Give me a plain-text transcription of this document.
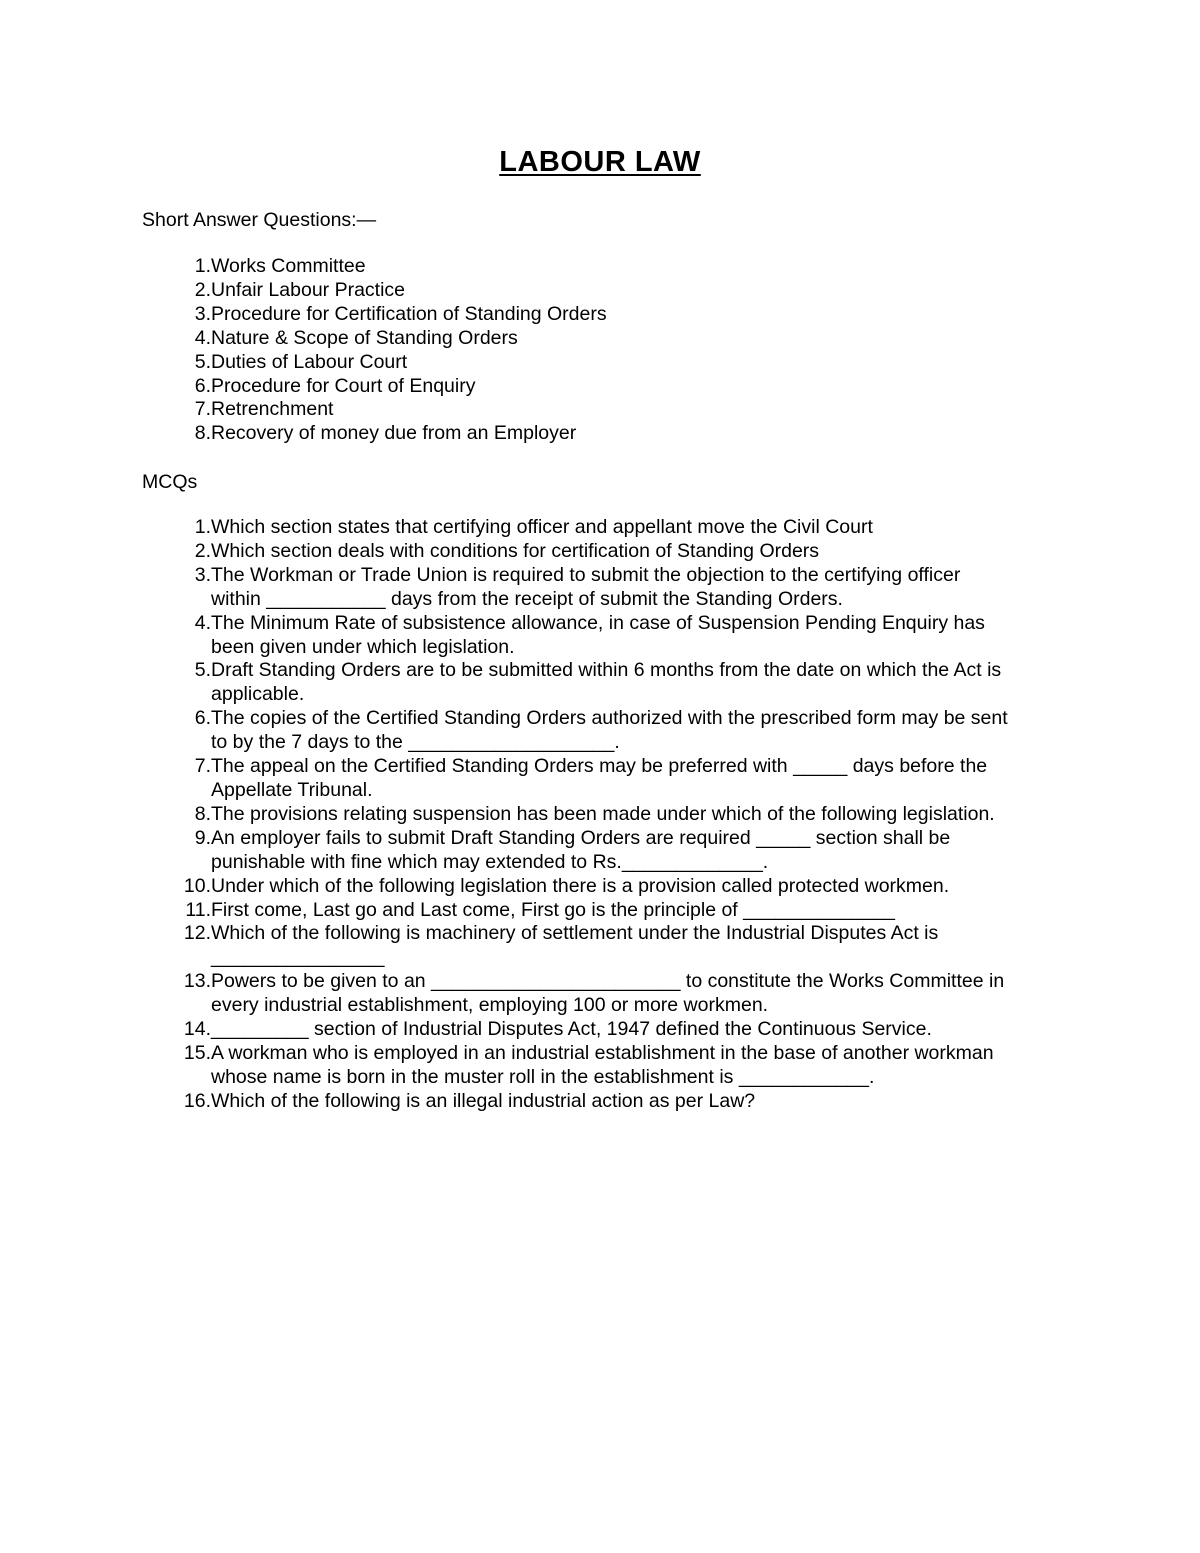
LABOUR LAW
Short Answer Questions:—
1. Works Committee
2. Unfair Labour Practice
3. Procedure for Certification of Standing Orders
4. Nature & Scope of Standing Orders
5. Duties of Labour Court
6. Procedure for Court of Enquiry
7. Retrenchment
8. Recovery of money due from an Employer
MCQs
1. Which section states that certifying officer and appellant move the Civil Court
2. Which section deals with conditions for certification of Standing Orders
3. The Workman or Trade Union is required to submit the objection to the certifying officer
within ___________ days from the receipt of submit the Standing Orders.
4. The Minimum Rate of subsistence allowance, in case of Suspension Pending Enquiry has
been given under which legislation.
5. Draft Standing Orders are to be submitted within 6 months from the date on which the Act is
applicable.
6. The copies of the Certified Standing Orders authorized with the prescribed form may be sent
to by the 7 days to the ___________________.
7. The appeal on the Certified Standing Orders may be preferred with _____ days before the
Appellate Tribunal.
8. The provisions relating suspension has been made under which of the following legislation.
9. An employer fails to submit Draft Standing Orders are required _____ section shall be
punishable with fine which may extended to Rs._____________.
10. Under which of the following legislation there is a provision called protected workmen.
11. First come, Last go and Last come, First go is the principle of ______________
12. Which of the following is machinery of settlement under the Industrial Disputes Act is
________________
13. Powers to be given to an _______________________ to constitute the Works Committee in
every industrial establishment, employing 100 or more workmen.
14. _________ section of Industrial Disputes Act, 1947 defined the Continuous Service.
15. A workman who is employed in an industrial establishment in the base of another workman
whose name is born in the muster roll in the establishment is ____________.
16. Which of the following is an illegal industrial action as per Law?
